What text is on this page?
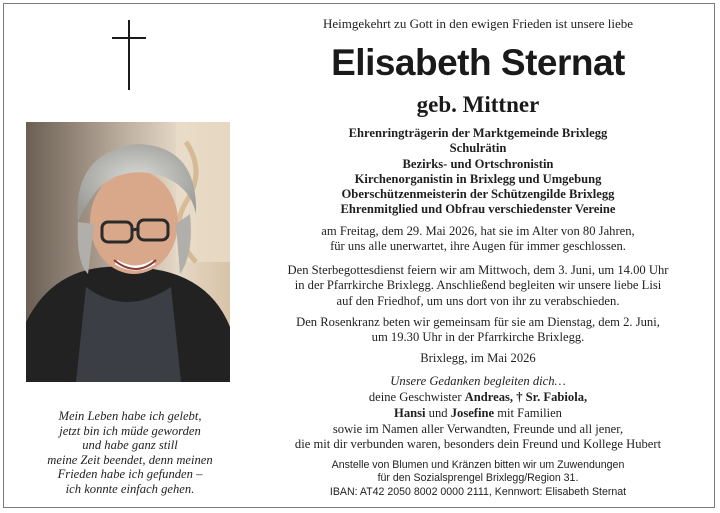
Mein Leben habe ich gelebt,
jetzt bin ich müde geworden
und habe ganz still
meine Zeit beendet, denn meinen
Frieden habe ich gefunden –
ich konnte einfach gehen.
Heimgekehrt zu Gott in den ewigen Frieden ist unsere liebe
Elisabeth Sternat
geb. Mittner
Ehrenringträgerin der Marktgemeinde Brixlegg
Schulrätin
Bezirks- und Ortschronistin
Kirchenorganistin in Brixlegg und Umgebung
Oberschützenmeisterin der Schützengilde Brixlegg
Ehrenmitglied und Obfrau verschiedenster Vereine
am Freitag, dem 29. Mai 2026, hat sie im Alter von 80 Jahren,
für uns alle unerwartet, ihre Augen für immer geschlossen.
Den Sterbegottesdienst feiern wir am Mittwoch, dem 3. Juni, um 14.00 Uhr
in der Pfarrkirche Brixlegg. Anschließend begleiten wir unsere liebe Lisi
auf den Friedhof, um uns dort von ihr zu verabschieden.
Den Rosenkranz beten wir gemeinsam für sie am Dienstag, dem 2. Juni,
um 19.30 Uhr in der Pfarrkirche Brixlegg.
Brixlegg, im Mai 2026
Unsere Gedanken begleiten dich…
deine Geschwister Andreas, † Sr. Fabiola,
Hansi und Josefine mit Familien
sowie im Namen aller Verwandten, Freunde und all jener,
die mit dir verbunden waren, besonders dein Freund und Kollege Hubert
Anstelle von Blumen und Kränzen bitten wir um Zuwendungen
für den Sozialsprengel Brixlegg/Region 31.
IBAN: AT42 2050 8002 0000 2111, Kennwort: Elisabeth Sternat
